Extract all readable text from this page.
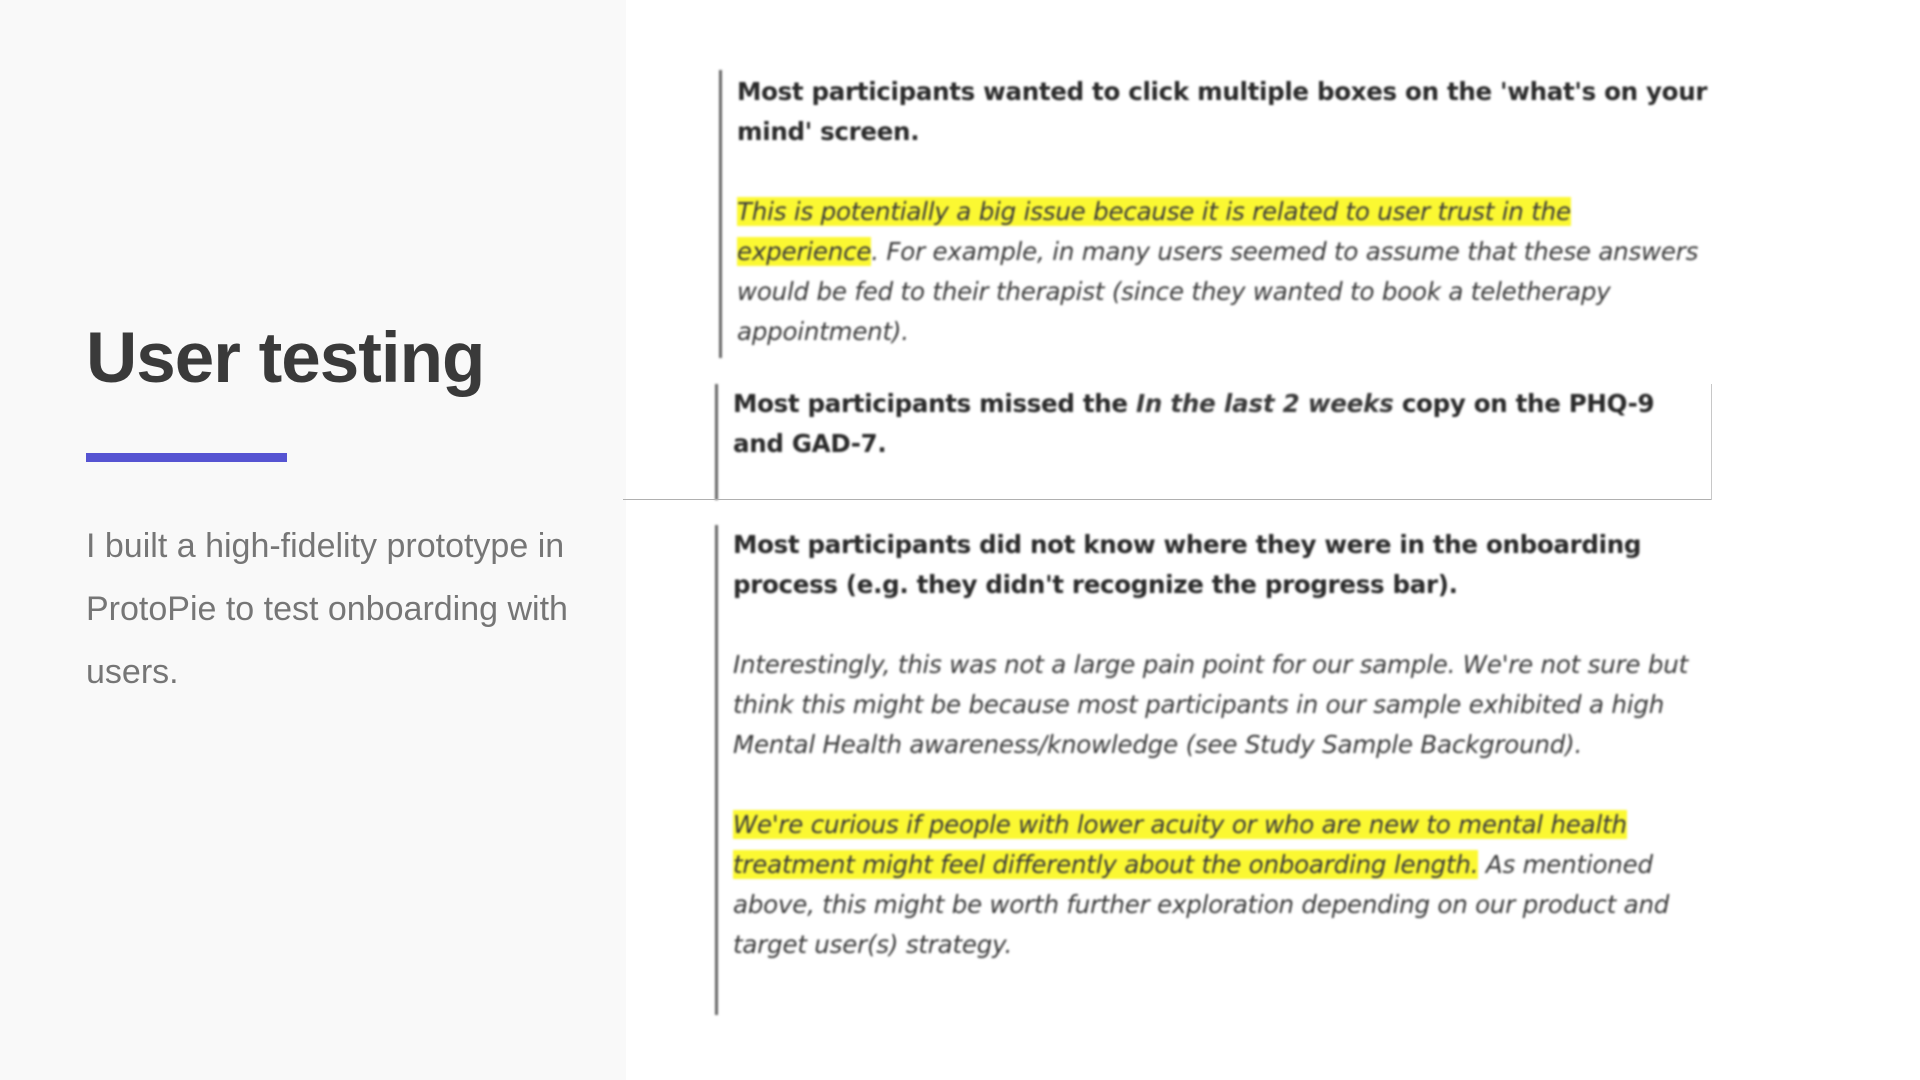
User testing

I built a high-fidelity prototype in ProtoPie to test onboarding with users.

Most participants wanted to click multiple boxes on the 'what's on your mind' screen.

This is potentially a big issue because it is related to user trust in the experience. For example, in many users seemed to assume that these answers would be fed to their therapist (since they wanted to book a teletherapy appointment).

Most participants missed the In the last 2 weeks copy on the PHQ-9 and GAD-7.

Most participants did not know where they were in the onboarding process (e.g. they didn't recognize the progress bar).

Interestingly, this was not a large pain point for our sample. We're not sure but think this might be because most participants in our sample exhibited a high Mental Health awareness/knowledge (see Study Sample Background).

We're curious if people with lower acuity or who are new to mental health treatment might feel differently about the onboarding length. As mentioned above, this might be worth further exploration depending on our product and target user(s) strategy.
